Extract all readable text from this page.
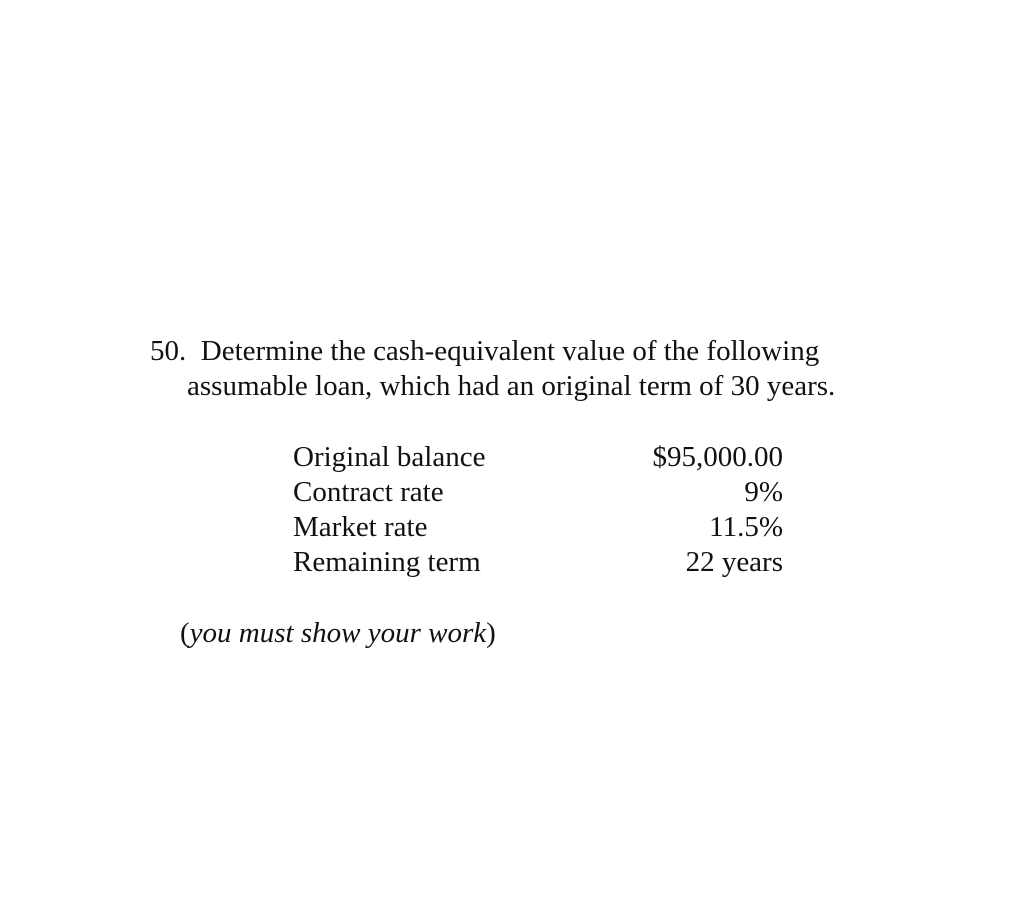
50. Determine the cash-equivalent value of the following
assumable loan, which had an original term of 30 years.
Original balance	$95,000.00
Contract rate	9%
Market rate	11.5%
Remaining term	22 years
(you must show your work)
